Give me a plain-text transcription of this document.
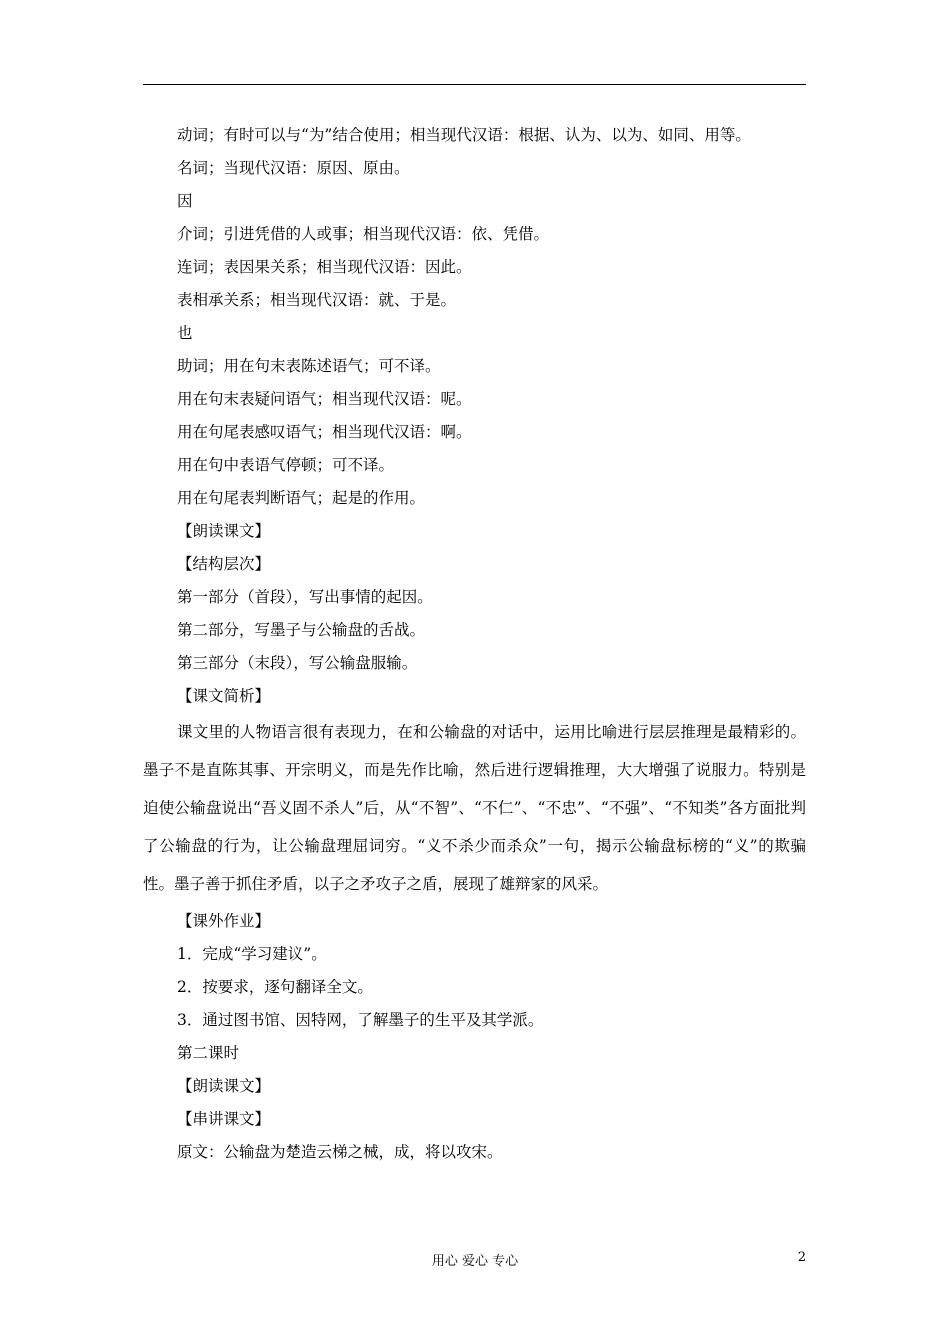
动词；有时可以与“为”结合使用；相当现代汉语：根据、认为、以为、如同、用等。
名词；当现代汉语：原因、原由。
因
介词；引进凭借的人或事；相当现代汉语：依、凭借。
连词；表因果关系；相当现代汉语：因此。
表相承关系；相当现代汉语：就、于是。
也
助词；用在句末表陈述语气；可不译。
用在句末表疑问语气；相当现代汉语：呢。
用在句尾表感叹语气；相当现代汉语：啊。
用在句中表语气停顿；可不译。
用在句尾表判断语气；起是的作用。
【朗读课文】
【结构层次】
第一部分（首段），写出事情的起因。
第二部分，写墨子与公输盘的舌战。
第三部分（末段），写公输盘服输。
【课文简析】

课文里的人物语言很有表现力，在和公输盘的对话中，运用比喻进行层层推理是最精彩的。墨子不是直陈其事、开宗明义，而是先作比喻，然后进行逻辑推理，大大增强了说服力。特别是迫使公输盘说出“吾义固不杀人”后，从“不智”、“不仁”、“不忠”、“不强”、“不知类”各方面批判了公输盘的行为，让公输盘理屈词穷。“义不杀少而杀众”一句，揭示公输盘标榜的“义”的欺骗性。墨子善于抓住矛盾，以子之矛攻子之盾，展现了雄辩家的风采。

【课外作业】
1．完成“学习建议”。
2．按要求，逐句翻译全文。
3．通过图书馆、因特网，了解墨子的生平及其学派。
第二课时
【朗读课文】
【串讲课文】
原文：公输盘为楚造云梯之械，成，将以攻宋。
用心 爱心 专心	2
